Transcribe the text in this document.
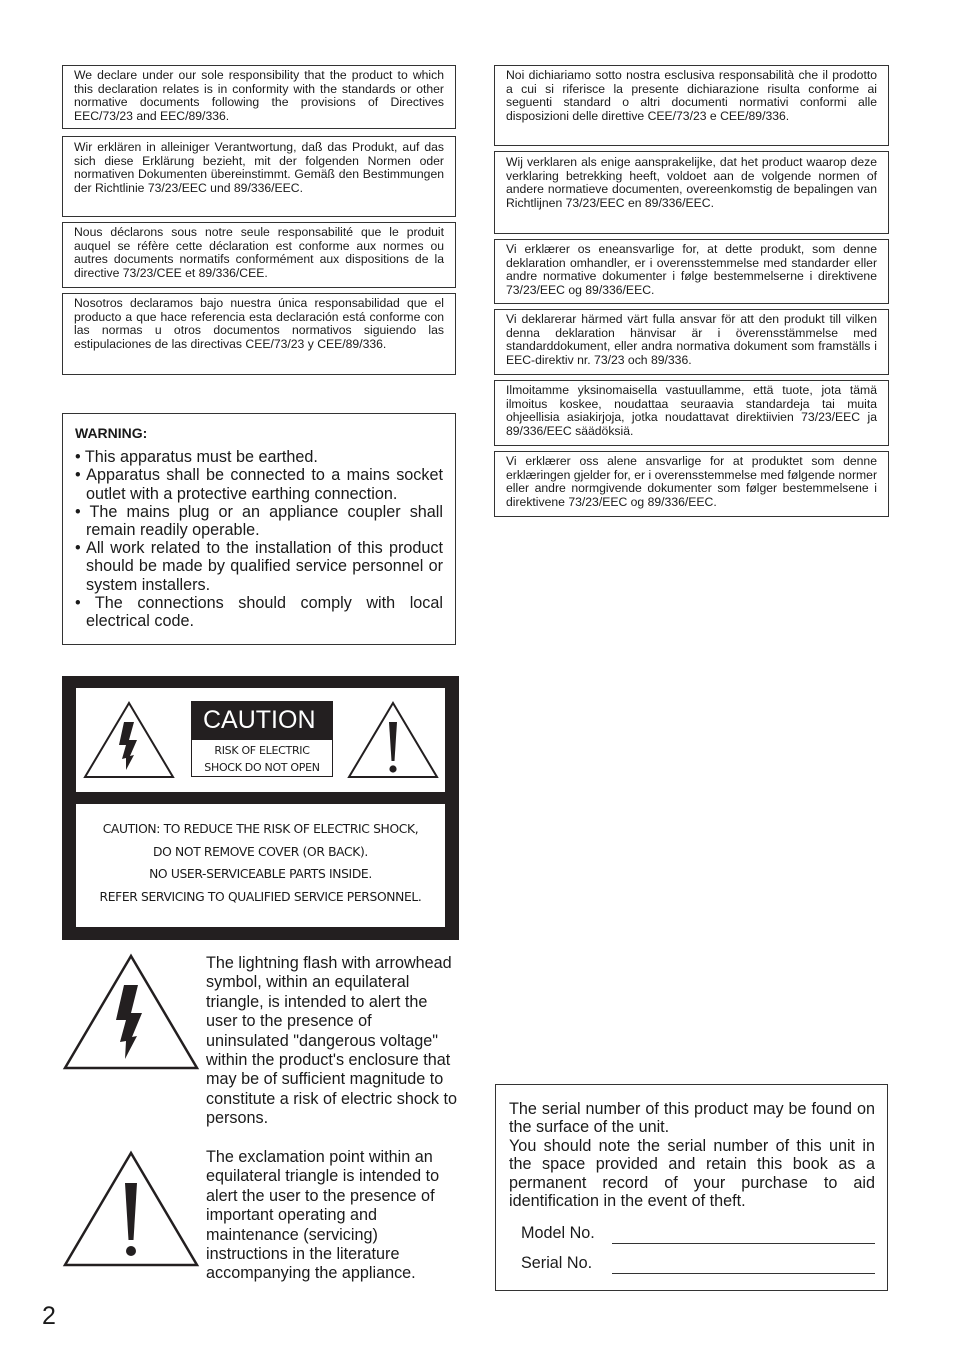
We declare under our sole responsibility that the product to which this declaration relates is in conformity with the standards or other normative documents following the provisions of Directives EEC/73/23 and EEC/89/336.
Wir erklären in alleiniger Verantwortung, daß das Produkt, auf das sich diese Erklärung bezieht, mit der folgenden Normen oder normativen Dokumenten übereinstimmt. Gemäß den Bestimmungen der Richtlinie 73/23/EEC und 89/336/EEC.
Nous déclarons sous notre seule responsabilité que le produit auquel se réfère cette déclaration est conforme aux normes ou autres documents normatifs conformément aux dispositions de la directive 73/23/CEE et 89/336/CEE.
Nosotros declaramos bajo nuestra única responsabilidad que el producto a que hace referencia esta declaración está conforme con las normas u otros documentos normativos siguiendo las estipulaciones de las directivas CEE/73/23 y CEE/89/336.
Noi dichiariamo sotto nostra esclusiva responsabilità che il prodotto a cui si riferisce la presente dichiarazione risulta conforme ai seguenti standard o altri documenti normativi conformi alle disposizioni delle direttive CEE/73/23 e CEE/89/336.
Wij verklaren als enige aansprakelijke, dat het product waarop deze verklaring betrekking heeft, voldoet aan de volgende normen of andere normatieve documenten, overeenkomstig de bepalingen van Richtlijnen 73/23/EEC en 89/336/EEC.
Vi erklærer os eneansvarlige for, at dette produkt, som denne deklaration omhandler, er i overensstemmelse med standarder eller andre normative dokumenter i følge bestemmelserne i direktivene 73/23/EEC og 89/336/EEC.
Vi deklarerar härmed värt fulla ansvar för att den produkt till vilken denna deklaration hänvisar är i överensstämmelse med standarddokument, eller andra normativa dokument som framställs i EEC-direktiv nr. 73/23 och 89/336.
Ilmoitamme yksinomaisella vastuullamme, että tuote, jota tämä ilmoitus koskee, noudattaa seuraavia standardeja tai muita ohjeellisia asiakirjoja, jotka noudattavat direktiivien 73/23/EEC ja 89/336/EEC säädöksiä.
Vi erklærer oss alene ansvarlige for at produktet som denne erklæringen gjelder for, er i overensstemmelse med følgende normer eller andre normgivende dokumenter som følger bestemmelsene i direktivene 73/23/EEC og 89/336/EEC.
WARNING:
• This apparatus must be earthed.
• Apparatus shall be connected to a mains socket outlet with a protective earthing connection.
• The mains plug or an appliance coupler shall remain readily operable.
• All work related to the installation of this product should be made by qualified service personnel or system installers.
• The connections should comply with local electrical code.
CAUTION
RISK OF ELECTRIC
SHOCK DO NOT OPEN
CAUTION: TO REDUCE THE RISK OF ELECTRIC SHOCK,
DO NOT REMOVE COVER (OR BACK).
NO USER-SERVICEABLE PARTS INSIDE.
REFER SERVICING TO QUALIFIED SERVICE PERSONNEL.
The lightning flash with arrowhead symbol, within an equilateral triangle, is intended to alert the user to the presence of uninsulated "dangerous voltage" within the product's enclosure that may be of sufficient magnitude to constitute a risk of electric shock to persons.
The exclamation point within an equilateral triangle is intended to alert the user to the presence of important operating and maintenance (servicing) instructions in the literature accompanying the appliance.
The serial number of this product may be found on the surface of the unit.
You should note the serial number of this unit in the space provided and retain this book as a permanent record of your purchase to aid identification in the event of theft.
Model No.
Serial No.
2
